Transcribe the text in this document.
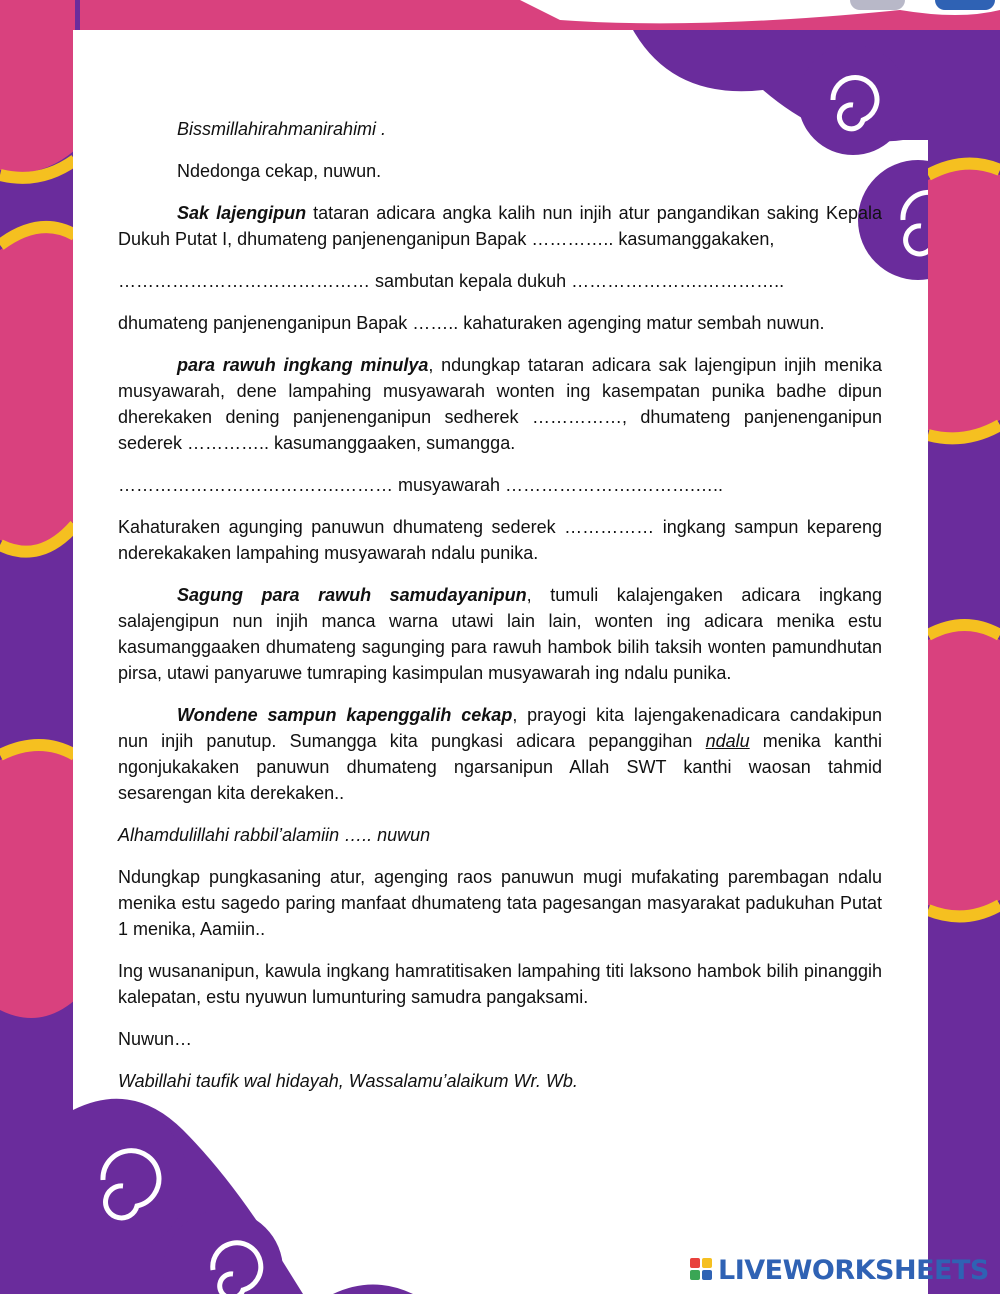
Bissmillahirahmanirahimi .

Ndedonga cekap, nuwun.

Sak lajengipun tataran adicara angka kalih nun injih atur pangandikan saking Kepala Dukuh Putat I, dhumateng panjenenganipun Bapak ………….. kasumanggakaken,

…………………………………… sambutan kepala dukuh ………………….…………..

dhumateng panjenenganipun Bapak …….. kahaturaken agenging matur sembah nuwun.

para rawuh ingkang minulya, ndungkap tataran adicara sak lajengipun injih menika musyawarah, dene lampahing musyawarah wonten ing kasempatan punika badhe dipun dherekaken dening panjenenganipun sedherek ……………, dhumateng panjenenganipun sederek ………….. kasumanggaaken, sumangga.

……………………………….……… musyawarah ………………….……….…..

Kahaturaken agunging panuwun dhumateng sederek …………… ingkang sampun kepareng nderekakaken lampahing musyawarah ndalu punika.

Sagung para rawuh samudayanipun, tumuli kalajengaken adicara ingkang salajengipun nun injih manca warna utawi lain lain, wonten ing adicara menika estu kasumanggaaken dhumateng sagunging para rawuh hambok bilih taksih wonten pamundhutan pirsa, utawi panyaruwe tumraping kasimpulan musyawarah ing ndalu punika.

Wondene sampun kapenggalih cekap, prayogi kita lajengakenadicara candakipun nun injih panutup. Sumangga kita pungkasi adicara pepanggihan ndalu menika kanthi ngonjukakaken panuwun dhumateng ngarsanipun Allah SWT kanthi waosan tahmid sesarengan kita derekaken..

Alhamdulillahi rabbil’alamiin ….. nuwun

Ndungkap pungkasaning atur, agenging raos panuwun mugi mufakating parembagan ndalu menika estu sagedo paring manfaat dhumateng tata pagesangan masyarakat padukuhan Putat 1 menika, Aamiin..

Ing wusananipun, kawula ingkang hamratitisaken lampahing titi laksono hambok bilih pinanggih kalepatan, estu nyuwun lumunturing samudra pangaksami.

Nuwun…

Wabillahi taufik wal hidayah, Wassalamu’alaikum Wr. Wb.

LIVEWORKSHEETS
